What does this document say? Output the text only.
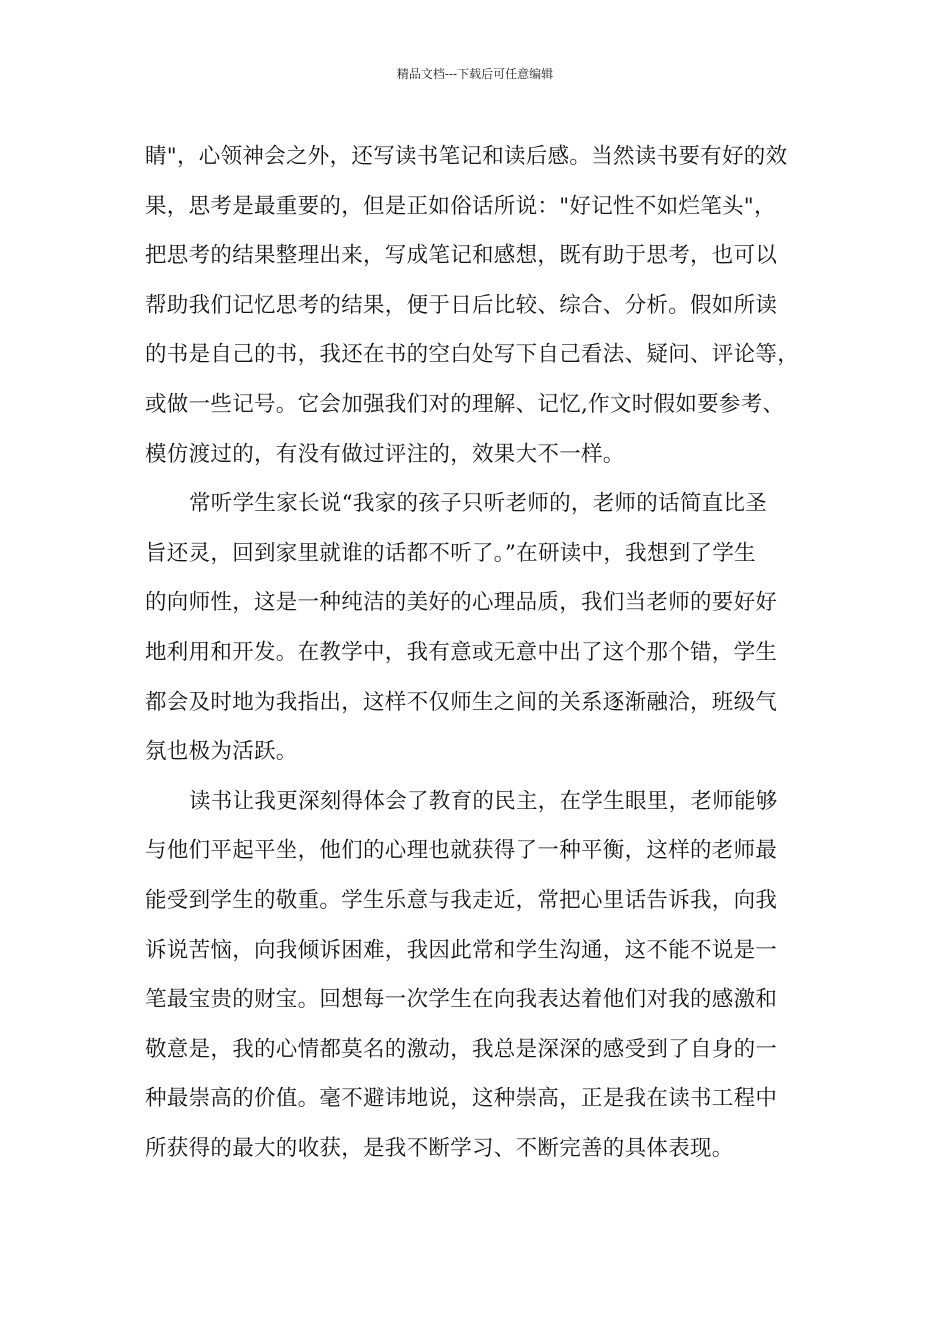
精品文档---下载后可任意编辑

睛"，心领神会之外，还写读书笔记和读后感。当然读书要有好的效
果，思考是最重要的，但是正如俗话所说："好记性不如烂笔头"，
把思考的结果整理出来，写成笔记和感想，既有助于思考，也可以
帮助我们记忆思考的结果，便于日后比较、综合、分析。假如所读
的书是自己的书，我还在书的空白处写下自己看法、疑问、评论等，
或做一些记号。它会加强我们对的理解、记忆,作文时假如要参考、
模仿渡过的，有没有做过评注的，效果大不一样。

常听学生家长说“我家的孩子只听老师的，老师的话简直比圣
旨还灵，回到家里就谁的话都不听了。”在研读中，我想到了学生
的向师性，这是一种纯洁的美好的心理品质，我们当老师的要好好
地利用和开发。在教学中，我有意或无意中出了这个那个错，学生
都会及时地为我指出，这样不仅师生之间的关系逐渐融洽，班级气
氛也极为活跃。

读书让我更深刻得体会了教育的民主，在学生眼里，老师能够
与他们平起平坐，他们的心理也就获得了一种平衡，这样的老师最
能受到学生的敬重。学生乐意与我走近，常把心里话告诉我，向我
诉说苦恼，向我倾诉困难，我因此常和学生沟通，这不能不说是一
笔最宝贵的财宝。回想每一次学生在向我表达着他们对我的感激和
敬意是，我的心情都莫名的激动，我总是深深的感受到了自身的一
种最崇高的价值。毫不避讳地说，这种崇高，正是我在读书工程中
所获得的最大的收获，是我不断学习、不断完善的具体表现。
